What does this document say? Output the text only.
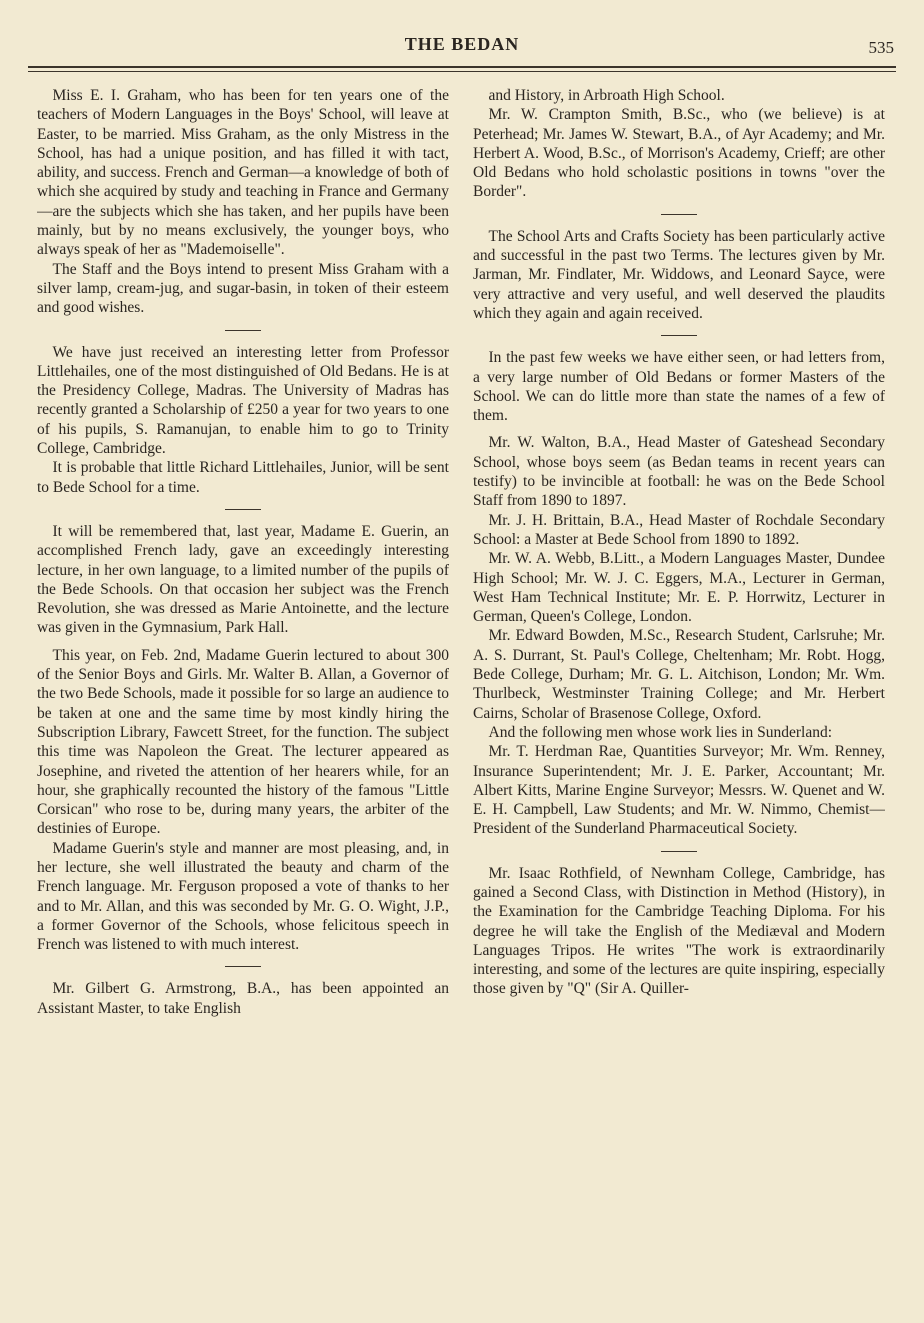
THE BEDAN	535

Miss E. I. Graham, who has been for ten years one of the teachers of Modern Languages in the Boys' School, will leave at Easter, to be married. Miss Graham, as the only Mistress in the School, has had a unique position, and has filled it with tact, ability, and success. French and German—a knowledge of both of which she acquired by study and teaching in France and Germany—are the subjects which she has taken, and her pupils have been mainly, but by no means exclusively, the younger boys, who always speak of her as "Mademoiselle".

The Staff and the Boys intend to present Miss Graham with a silver lamp, cream-jug, and sugar-basin, in token of their esteem and good wishes.

We have just received an interesting letter from Professor Littlehailes, one of the most distinguished of Old Bedans. He is at the Presidency College, Madras. The University of Madras has recently granted a Scholarship of £250 a year for two years to one of his pupils, S. Ramanujan, to enable him to go to Trinity College, Cambridge.

It is probable that little Richard Littlehailes, Junior, will be sent to Bede School for a time.

It will be remembered that, last year, Madame E. Guerin, an accomplished French lady, gave an exceedingly interesting lecture, in her own language, to a limited number of the pupils of the Bede Schools. On that occasion her subject was the French Revolution, she was dressed as Marie Antoinette, and the lecture was given in the Gymnasium, Park Hall.

This year, on Feb. 2nd, Madame Guerin lectured to about 300 of the Senior Boys and Girls. Mr. Walter B. Allan, a Governor of the two Bede Schools, made it possible for so large an audience to be taken at one and the same time by most kindly hiring the Subscription Library, Fawcett Street, for the function. The subject this time was Napoleon the Great. The lecturer appeared as Josephine, and riveted the attention of her hearers while, for an hour, she graphically recounted the history of the famous "Little Corsican" who rose to be, during many years, the arbiter of the destinies of Europe.

Madame Guerin's style and manner are most pleasing, and, in her lecture, she well illustrated the beauty and charm of the French language. Mr. Ferguson proposed a vote of thanks to her and to Mr. Allan, and this was seconded by Mr. G. O. Wight, J.P., a former Governor of the Schools, whose felicitous speech in French was listened to with much interest.

Mr. Gilbert G. Armstrong, B.A., has been appointed an Assistant Master, to take English

and History, in Arbroath High School.

Mr. W. Crampton Smith, B.Sc., who (we believe) is at Peterhead; Mr. James W. Stewart, B.A., of Ayr Academy; and Mr. Herbert A. Wood, B.Sc., of Morrison's Academy, Crieff; are other Old Bedans who hold scholastic positions in towns "over the Border".

The School Arts and Crafts Society has been particularly active and successful in the past two Terms. The lectures given by Mr. Jarman, Mr. Findlater, Mr. Widdows, and Leonard Sayce, were very attractive and very useful, and well deserved the plaudits which they again and again received.

In the past few weeks we have either seen, or had letters from, a very large number of Old Bedans or former Masters of the School. We can do little more than state the names of a few of them.

Mr. W. Walton, B.A., Head Master of Gateshead Secondary School, whose boys seem (as Bedan teams in recent years can testify) to be invincible at football: he was on the Bede School Staff from 1890 to 1897.

Mr. J. H. Brittain, B.A., Head Master of Rochdale Secondary School: a Master at Bede School from 1890 to 1892.

Mr. W. A. Webb, B.Litt., a Modern Languages Master, Dundee High School; Mr. W. J. C. Eggers, M.A., Lecturer in German, West Ham Technical Institute; Mr. E. P. Horrwitz, Lecturer in German, Queen's College, London.

Mr. Edward Bowden, M.Sc., Research Student, Carlsruhe; Mr. A. S. Durrant, St. Paul's College, Cheltenham; Mr. Robt. Hogg, Bede College, Durham; Mr. G. L. Aitchison, London; Mr. Wm. Thurlbeck, Westminster Training College; and Mr. Herbert Cairns, Scholar of Brasenose College, Oxford.

And the following men whose work lies in Sunderland:

Mr. T. Herdman Rae, Quantities Surveyor; Mr. Wm. Renney, Insurance Superintendent; Mr. J. E. Parker, Accountant; Mr. Albert Kitts, Marine Engine Surveyor; Messrs. W. Quenet and W. E. H. Campbell, Law Students; and Mr. W. Nimmo, Chemist—President of the Sunderland Pharmaceutical Society.

Mr. Isaac Rothfield, of Newnham College, Cambridge, has gained a Second Class, with Distinction in Method (History), in the Examination for the Cambridge Teaching Diploma. For his degree he will take the English of the Mediæval and Modern Languages Tripos. He writes "The work is extraordinarily interesting, and some of the lectures are quite inspiring, especially those given by "Q" (Sir A. Quiller-
